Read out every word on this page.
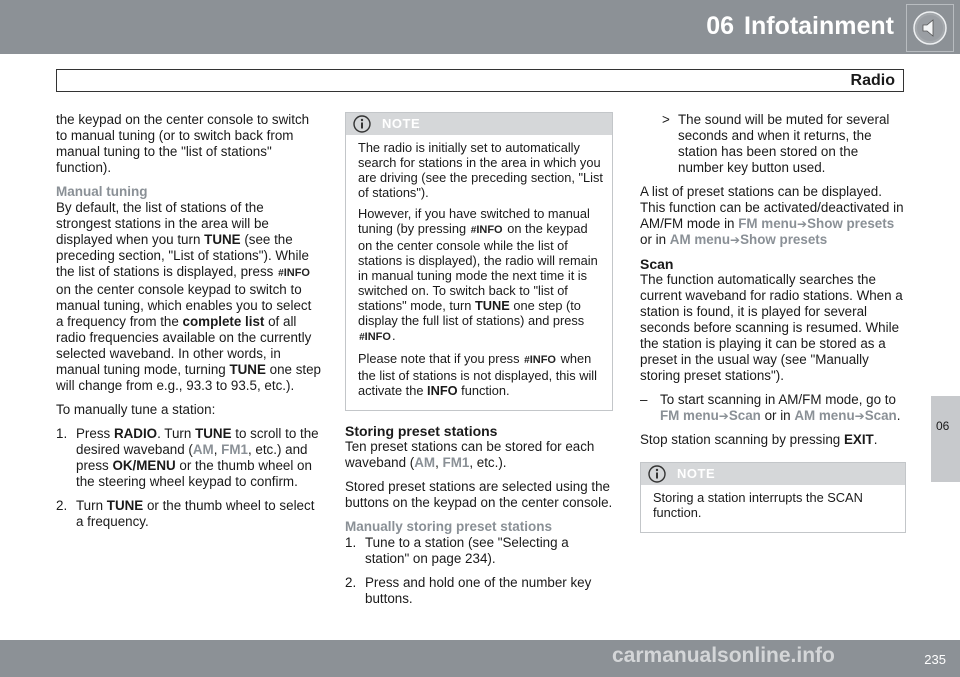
06 Infotainment
Radio
06

the keypad on the center console to switch to manual tuning (or to switch back from manual tuning to the "list of stations" function).

Manual tuning

By default, the list of stations of the strongest stations in the area will be displayed when you turn TUNE (see the preceding section, "List of stations"). While the list of stations is displayed, press #INFO on the center console keypad to switch to manual tuning, which enables you to select a frequency from the complete list of all radio frequencies available on the currently selected waveband. In other words, in manual tuning mode, turning TUNE one step will change from e.g., 93.3 to 93.5, etc.).

To manually tune a station:

1. Press RADIO. Turn TUNE to scroll to the desired waveband (AM, FM1, etc.) and press OK/MENU or the thumb wheel on the steering wheel keypad to confirm.
2. Turn TUNE or the thumb wheel to select a frequency.
NOTE

The radio is initially set to automatically search for stations in the area in which you are driving (see the preceding section, "List of stations").

However, if you have switched to manual tuning (by pressing #INFO on the keypad on the center console while the list of stations is displayed), the radio will remain in manual tuning mode the next time it is switched on. To switch back to "list of stations" mode, turn TUNE one step (to display the full list of stations) and press
#INFO.

Please note that if you press #INFO when the list of stations is not displayed, this will activate the INFO function.

Storing preset stations

Ten preset stations can be stored for each waveband (AM, FM1, etc.).

Stored preset stations are selected using the buttons on the keypad on the center console.

Manually storing preset stations
1. Tune to a station (see "Selecting a station" on page 234).
2. Press and hold one of the number key buttons.
> The sound will be muted for several seconds and when it returns, the station has been stored on the number key button used.

A list of preset stations can be displayed. This function can be activated/deactivated in AM/FM mode in FM menu➔Show presets
or in AM menu➔Show presets

Scan

The function automatically searches the current waveband for radio stations. When a station is found, it is played for several seconds before scanning is resumed. While the station is playing it can be stored as a preset in the usual way (see "Manually storing preset stations").

– To start scanning in AM/FM mode, go to FM menu➔Scan or in AM menu➔Scan.

Stop station scanning by pressing EXIT.

NOTE

Storing a station interrupts the SCAN function.

235
carmanualsonline.info
